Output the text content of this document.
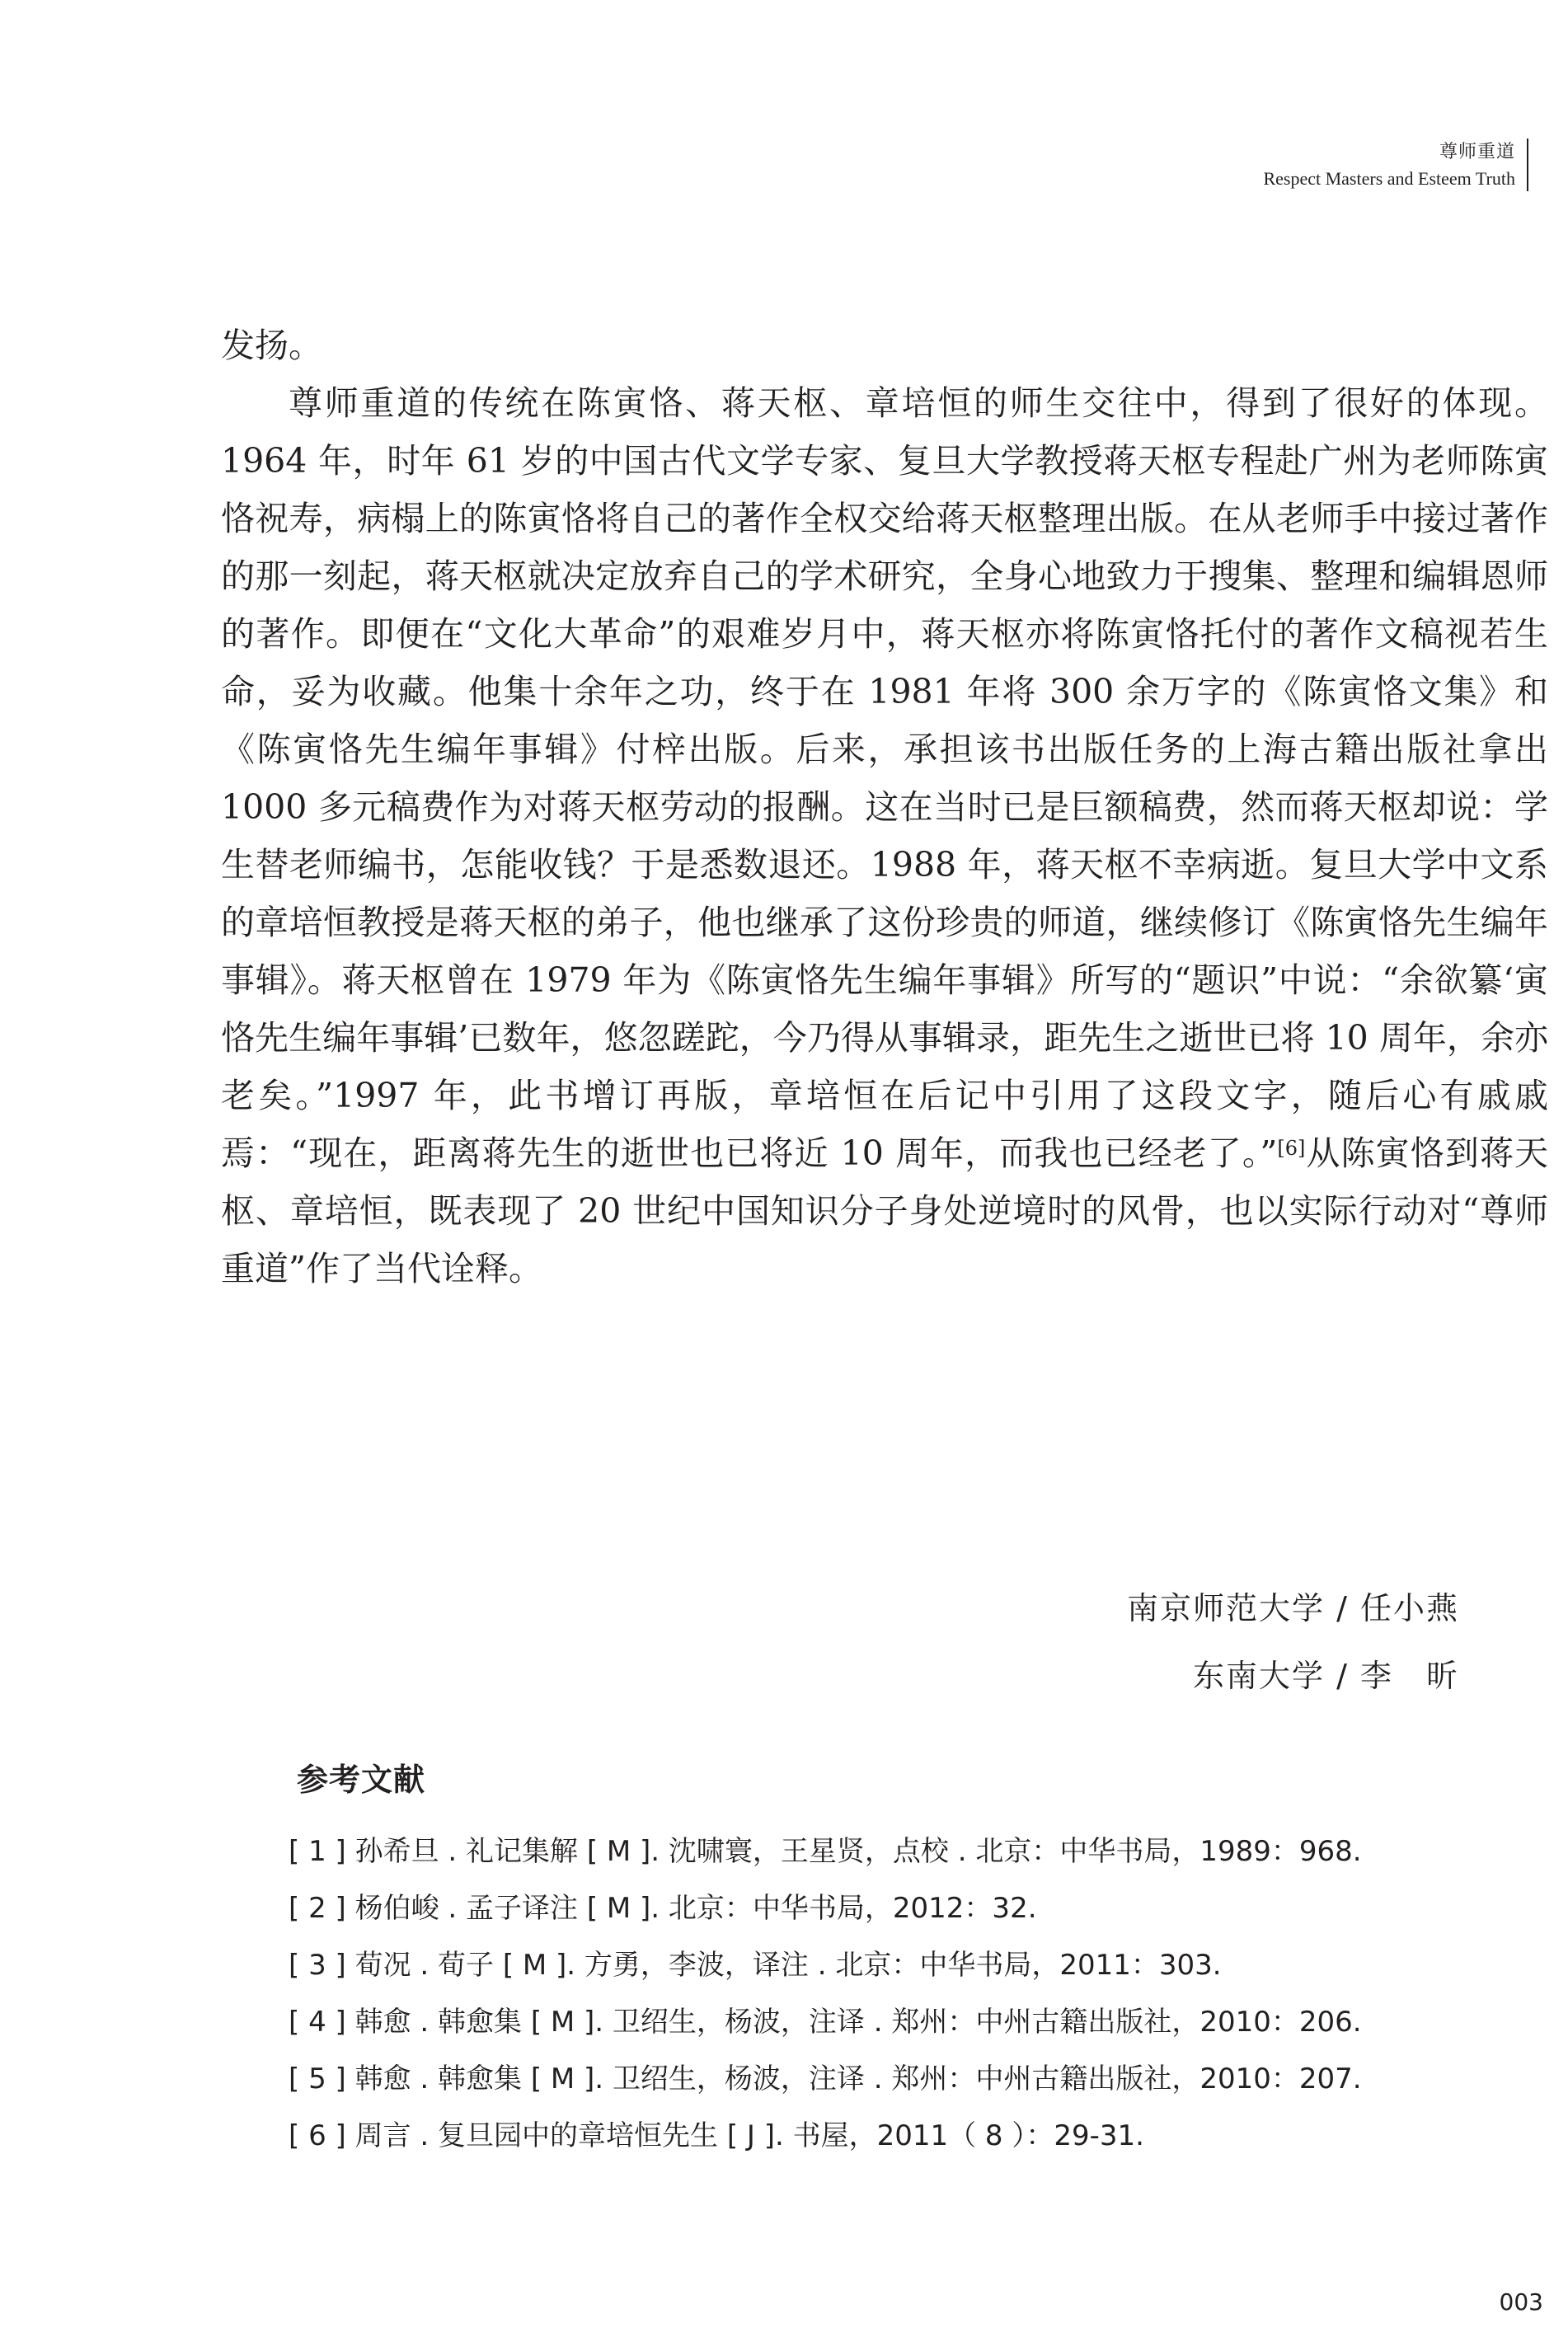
尊师重道
Respect Masters and Esteem Truth

发扬。

尊师重道的传统在陈寅恪、蒋天枢、章培恒的师生交往中，得到了很好的体现。1964 年，时年 61 岁的中国古代文学专家、复旦大学教授蒋天枢专程赴广州为老师陈寅恪祝寿，病榻上的陈寅恪将自己的著作全权交给蒋天枢整理出版。在从老师手中接过著作的那一刻起，蒋天枢就决定放弃自己的学术研究，全身心地致力于搜集、整理和编辑恩师的著作。即便在“文化大革命”的艰难岁月中，蒋天枢亦将陈寅恪托付的著作文稿视若生命，妥为收藏。他集十余年之功，终于在 1981 年将 300 余万字的《陈寅恪文集》和《陈寅恪先生编年事辑》付梓出版。后来，承担该书出版任务的上海古籍出版社拿出 1000 多元稿费作为对蒋天枢劳动的报酬。这在当时已是巨额稿费，然而蒋天枢却说：学生替老师编书，怎能收钱？于是悉数退还。1988 年，蒋天枢不幸病逝。复旦大学中文系的章培恒教授是蒋天枢的弟子，他也继承了这份珍贵的师道，继续修订《陈寅恪先生编年事辑》。蒋天枢曾在 1979 年为《陈寅恪先生编年事辑》所写的“题识”中说：“余欲纂‘寅恪先生编年事辑’已数年，悠忽蹉跎，今乃得从事辑录，距先生之逝世已将 10 周年，余亦老矣。”1997 年，此书增订再版，章培恒在后记中引用了这段文字，随后心有戚戚焉：“现在，距离蒋先生的逝世也已将近 10 周年，而我也已经老了。”[6]从陈寅恪到蒋天枢、章培恒，既表现了 20 世纪中国知识分子身处逆境时的风骨，也以实际行动对“尊师重道”作了当代诠释。

南京师范大学 / 任小燕
东南大学 / 李　昕
参考文献
[ 1 ] 孙希旦 . 礼记集解 [ M ]. 沈啸寰，王星贤，点校 . 北京：中华书局，1989：968.
[ 2 ] 杨伯峻 . 孟子译注 [ M ]. 北京：中华书局，2012：32.
[ 3 ] 荀况 . 荀子 [ M ]. 方勇，李波，译注 . 北京：中华书局，2011：303.
[ 4 ] 韩愈 . 韩愈集 [ M ]. 卫绍生，杨波，注译 . 郑州：中州古籍出版社，2010：206.
[ 5 ] 韩愈 . 韩愈集 [ M ]. 卫绍生，杨波，注译 . 郑州：中州古籍出版社，2010：207.
[ 6 ] 周言 . 复旦园中的章培恒先生 [ J ]. 书屋，2011（ 8 ）：29-31.
003
